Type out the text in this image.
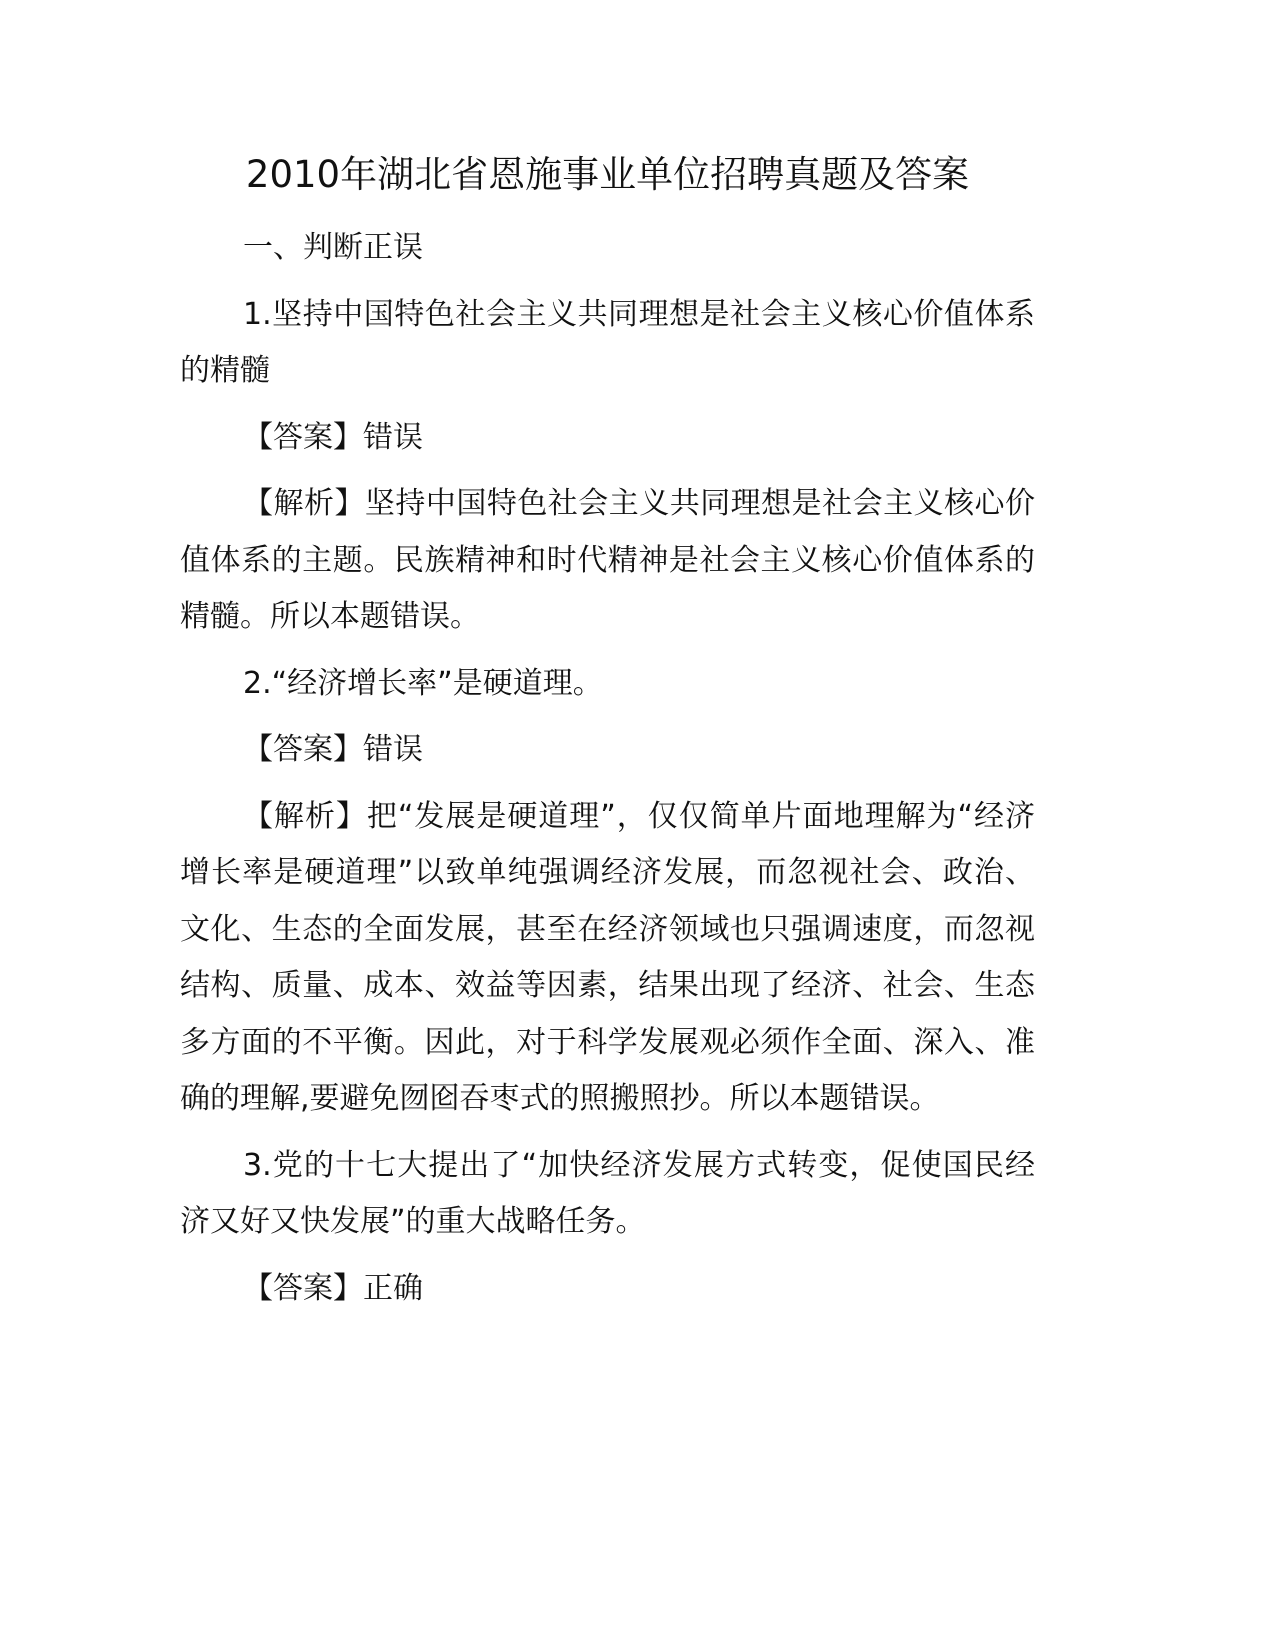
2010年湖北省恩施事业单位招聘真题及答案

一、判断正误

1.坚持中国特色社会主义共同理想是社会主义核心价值体系的精髓

【答案】错误

【解析】坚持中国特色社会主义共同理想是社会主义核心价值体系的主题。民族精神和时代精神是社会主义核心价值体系的精髓。所以本题错误。

2.“经济增长率”是硬道理。

【答案】错误

【解析】把“发展是硬道理”，仅仅简单片面地理解为“经济增长率是硬道理”以致单纯强调经济发展，而忽视社会、政治、文化、生态的全面发展，甚至在经济领域也只强调速度，而忽视结构、质量、成本、效益等因素，结果出现了经济、社会、生态多方面的不平衡。因此，对于科学发展观必须作全面、深入、准确的理解,要避免囫囵吞枣式的照搬照抄。所以本题错误。

3.党的十七大提出了“加快经济发展方式转变，促使国民经济又好又快发展”的重大战略任务。

【答案】正确
